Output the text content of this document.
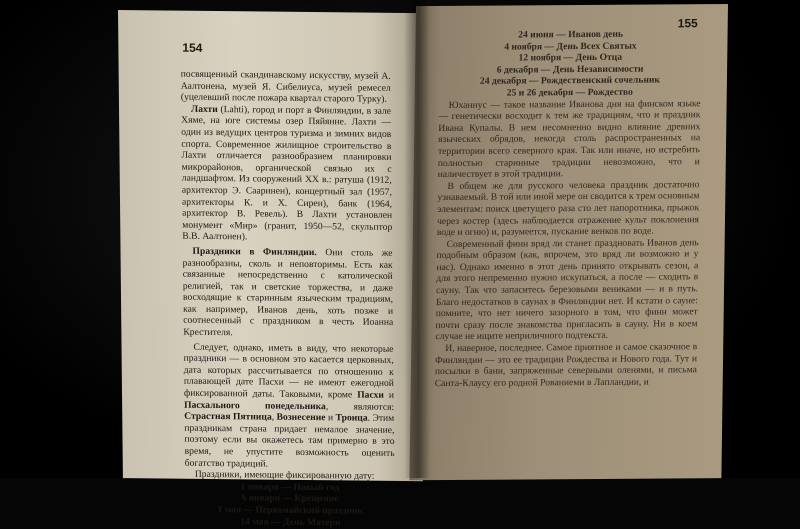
154

посвященный скандинавскому искусству, музей А. Аалтонена, музей Я. Сибелиуса, музей ремесел (уцелевший после пожара квартал старого Турку).

Лахти (Lahti), город и порт в Финляндии, в зале Хяме, на юге системы озер Пяйянне. Лахти — один из ведущих центров туризма и зимних видов спорта. Современное жилищное строительство в Лахти отличается разнообразием планировки микрорайонов, органической связью их с ландшафтом. Из сооружений XX в.: ратуша (1912, архитектор Э. Сааринен), концертный зал (1957, архитекторы К. и Х. Сирен), банк (1964, архитектор В. Ревель). В Лахти установлен монумент «Мир» (гранит, 1950—52, скульптор В.В. Аалтонен).

Праздники в Финляндии. Они столь же разнообразны, сколь и неповторимы. Есть как связанные непосредственно с католической религией, так и светские торжества, и даже восходящие к старинным языческим традициям, как например, Иванов день, хоть позже и соотнесенный с праздником в честь Иоанна Крестителя.

Следует, однако, иметь в виду, что некоторые праздники — в основном это касается церковных, дата которых рассчитывается по отношению к плавающей дате Пасхи — не имеют ежегодной фиксированной даты. Таковыми, кроме Пасхи и Пасхального понедельника, являются: Страстная Пятница, Вознесение и Троица. Этим праздникам страна придает немалое значение, поэтому если вы окажетесь там примерно в это время, не упустите возможность оценить богатство традиций.

Праздники, имеющие фиксированную дату:

1 января — Новый год

6 января — Крещение

1 мая — Первомайский праздник

14 мая — День Матери

155

24 июня — Иванов день

4 ноября — День Всех Святых

12 ноября — День Отца

6 декабря — День Независимости

24 декабря — Рождественский сочельник

25 и 26 декабря — Рождество

Юханнус — такое название Иванова дня на финском языке — генетически восходит к тем же традициям, что и праздник Ивана Купалы. В нем несомненно видно влияние древних языческих обрядов, некогда столь распространенных на территории всего северного края. Так или иначе, но истребить полностью старинные традиции невозможно, что и наличествует в этой традиции.

В общем же для русского человека праздник достаточно узнаваемый. В той или иной мере он сводится к трем основным элементам: поиск цветущего раза сто лет папоротника, прыжок через костер (здесь наблюдается отражение культ поклонения воде и огню) и, разумеется, пускание венков по воде.

Современный финн вряд ли станет праздновать Иванов день подобным образом (как, впрочем, это вряд ли возможно и у нас). Однако именно в этот день принято открывать сезон, а для этого непременно нужно искупаться, а после — сходить в сауну. Так что запаситесь березовыми вениками — и в путь. Благо недостатков в саунах в Финляндии нет. И кстати о сауне: помните, что нет ничего зазорного в том, что финн может почти сразу после знакомства пригласить в сауну. Ни в коем случае не ищите неприличного подтекста.

И, наверное, последнее. Самое приятное и самое сказочное в Финляндии — это ее традиции Рождества и Нового года. Тут и посылки в бани, запряженные северными оленями, и письма Санта-Клаусу его родной Рованиеми в Лапландии, и
